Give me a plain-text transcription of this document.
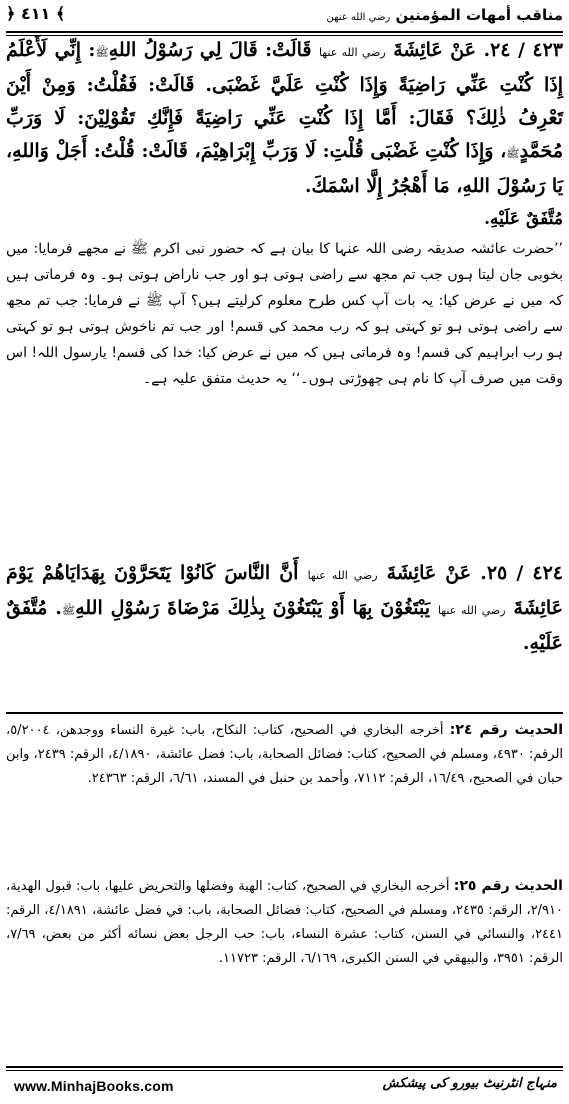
مناقب أمهات المؤمنين رضي الله عنهن
﴿ ٤١١ ﴾
٤٢٣ / ٢٤. عَنْ عَائِشَةَ رضي الله عنها قَالَتْ: قَالَ لِي رَسُوْلُ اللهِﷺ: إِنِّي لَأَعْلَمُ إِذَا كُنْتِ عَنِّي رَاضِيَةً وَإِذَا كُنْتِ عَلَيَّ غَضْبَى. قَالَتْ: فَقُلْتُ: وَمِنْ أَيْنَ تَعْرِفُ ذٰلِكَ؟ فَقَالَ: أَمَّا إِذَا كُنْتِ عَنِّي رَاضِيَةً فَإِنَّكِ تَقُوْلِيْنَ: لَا وَرَبِّ مُحَمَّدٍﷺ، وَإِذَا كُنْتِ غَضْبَى قُلْتِ: لَا وَرَبِّ إِبْرَاهِيْمَ، قَالَتْ: قُلْتُ: أَجَلْ وَاللهِ، يَا رَسُوْلَ اللهِ، مَا أَهْجُرُ إِلَّا اسْمَكَ.
مُتَّفَقٌ عَلَيْهِ.
’’حضرت عائشہ صدیقہ رضی اللہ عنہا کا بیان ہے کہ حضور نبی اکرم ﷺ نے مجھے فرمایا: میں بخوبی جان لیتا ہوں جب تم مجھ سے راضی ہوتی ہو اور جب ناراض ہوتی ہو۔ وہ فرماتی ہیں کہ میں نے عرض کیا: یہ بات آپ کس طرح معلوم کرلیتے ہیں؟ آپ ﷺ نے فرمایا: جب تم مجھ سے راضی ہوتی ہو تو کہتی ہو کہ رب محمد کی قسم! اور جب تم ناخوش ہوتی ہو تو کہتی ہو رب ابراہیم کی قسم! وہ فرماتی ہیں کہ میں نے عرض کیا: خدا کی قسم! یارسول اللہ! اس وقت میں صرف آپ کا نام ہی چھوڑتی ہوں۔‘‘ یہ حدیث متفق علیہ ہے۔
٤٢٤ / ٢٥. عَنْ عَائِشَةَ رضي الله عنها أَنَّ النَّاسَ كَانُوْا يَتَحَرَّوْنَ بِهَدَايَاهُمْ يَوْمَ عَائِشَةَ رضي الله عنها يَبْتَغُوْنَ بِهَا أَوْ يَبْتَغُوْنَ بِذٰلِكَ مَرْضَاةَ رَسُوْلِ اللهِﷺ. مُتَّفَقٌ عَلَيْهِ.
الحديث رقم ٢٤: أخرجه البخاري في الصحيح، كتاب: النكاح، باب: غيرة النساء ووجدهن، ٥/٢٠٠٤، الرقم: ٤٩٣٠، ومسلم في الصحيح، كتاب: فضائل الصحابة، باب: فضل عائشة، ٤/١٨٩٠، الرقم: ٢٤٣٩، وابن حبان في الصحيح، ١٦/٤٩، الرقم: ٧١١٢، وأحمد بن حنبل في المسند، ٦/٦١، الرقم: ٢٤٣٦٣.
الحديث رقم ٢٥: أخرجه البخاري في الصحيح، كتاب: الهبة وفضلها والتحريض عليها، باب: قبول الهدية، ٢/٩١٠، الرقم: ٢٤٣٥، ومسلم في الصحيح، كتاب: فضائل الصحابة، باب: في فضل عائشة، ٤/١٨٩١، الرقم: ٢٤٤١، والنسائي في السنن، كتاب: عشرة النساء، باب: حب الرجل بعض نسائه أكثر من بعض، ٧/٦٩، الرقم: ٣٩٥١، والبيهقي في السنن الكبرى، ٦/١٦٩، الرقم: ١١٧٢٣.
www.MinhajBooks.com	منہاج انٹرنیٹ بیورو کی پیشکش
